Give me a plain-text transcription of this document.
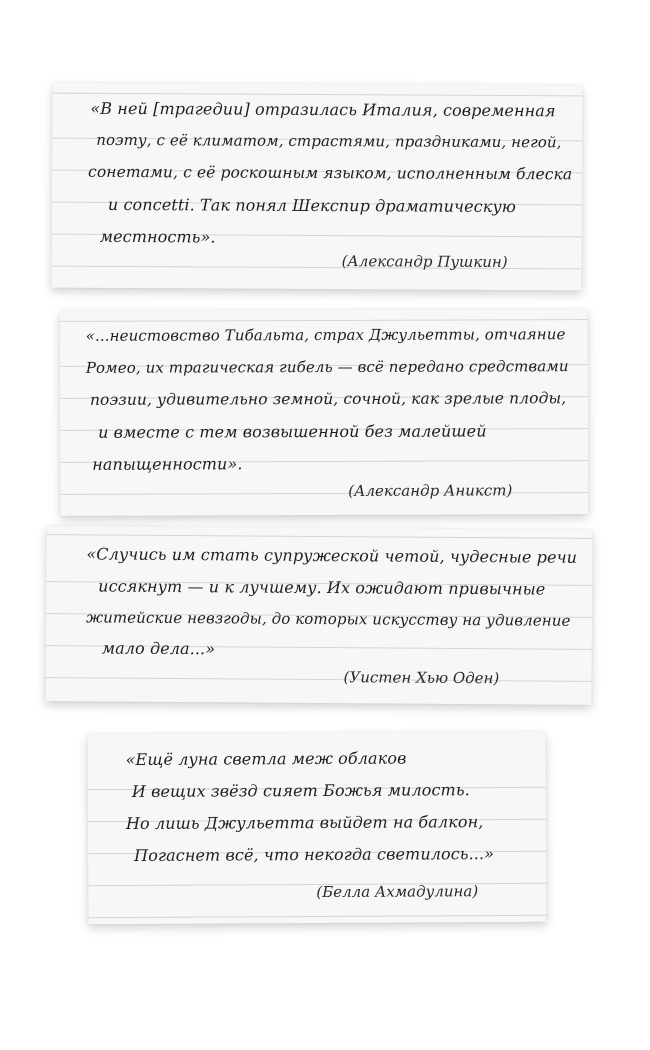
«В ней [трагедии] отразилась Италия, современная
поэту, с её климатом, страстями, праздниками, негой,
сонетами, с её роскошным языком, исполненным блеска
и concetti. Так понял Шекспир драматическую
местность».
(Александр Пушкин)
«...неистовство Тибальта, страх Джульетты, отчаяние
Ромео, их трагическая гибель — всё передано средствами
поэзии, удивительно земной, сочной, как зрелые плоды,
и вместе с тем возвышенной без малейшей
напыщенности».
(Александр Аникст)
«Случись им стать супружеской четой, чудесные речи
иссякнут — и к лучшему. Их ожидают привычные
житейские невзгоды, до которых искусству на удивление
мало дела...»
(Уистен Хью Оден)
«Ещё луна светла меж облаков
И вещих звёзд сияет Божья милость.
Но лишь Джульетта выйдет на балкон,
Погаснет всё, что некогда светилось...»
(Белла Ахмадулина)
